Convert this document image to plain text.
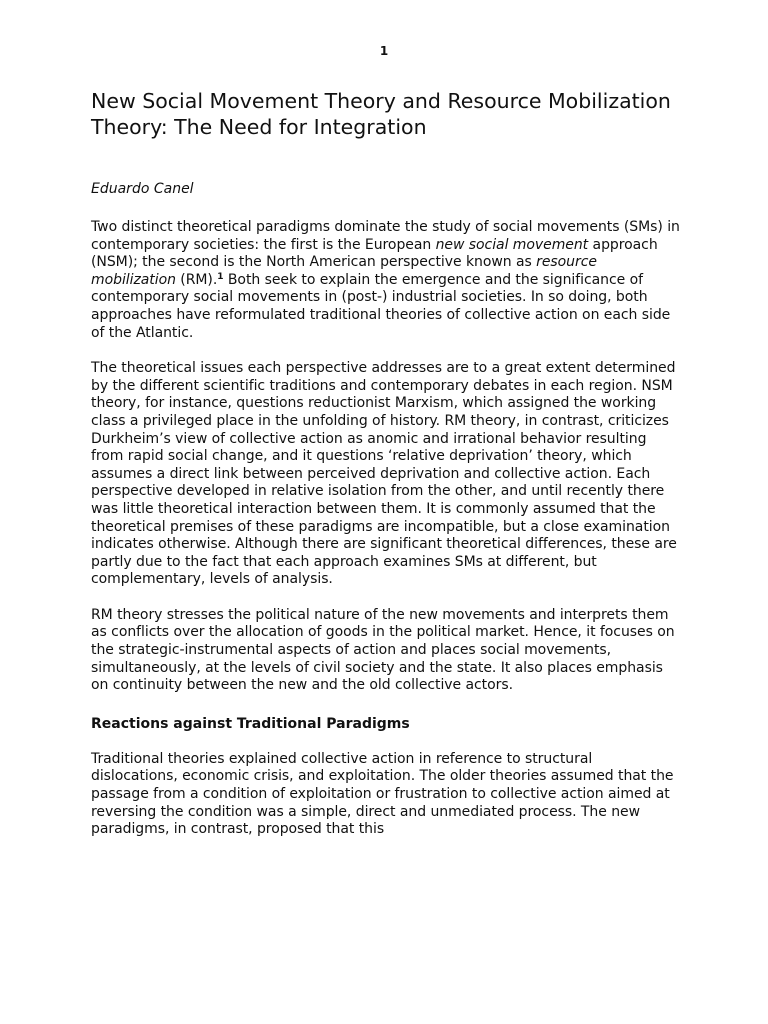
1
New Social Movement Theory and Resource Mobilization Theory: The Need for Integration
Eduardo Canel

Two distinct theoretical paradigms dominate the study of social movements (SMs) in contemporary societies: the first is the European new social movement approach (NSM); the second is the North American perspective known as resource mobilization (RM).$^1$ Both seek to explain the emergence and the significance of contemporary social movements in (post-) industrial societies. In so doing, both approaches have reformulated traditional theories of collective action on each side of the Atlantic.

The theoretical issues each perspective addresses are to a great extent determined by the different scientific traditions and contemporary debates in each region. NSM theory, for instance, questions reductionist Marxism, which assigned the working class a privileged place in the unfolding of history. RM theory, in contrast, criticizes Durkheim’s view of collective action as anomic and irrational behavior resulting from rapid social change, and it questions ‘relative deprivation’ theory, which assumes a direct link between perceived deprivation and collective action. Each perspective developed in relative isolation from the other, and until recently there was little theoretical interaction between them. It is commonly assumed that the theoretical premises of these paradigms are incompatible, but a close examination indicates otherwise. Although there are significant theoretical differences, these are partly due to the fact that each approach examines SMs at different, but complementary, levels of analysis.

RM theory stresses the political nature of the new movements and interprets them as conflicts over the allocation of goods in the political market. Hence, it focuses on the strategic-instrumental aspects of action and places social movements, simultaneously, at the levels of civil society and the state. It also places emphasis on continuity between the new and the old collective actors.

Reactions against Traditional Paradigms

Traditional theories explained collective action in reference to structural dislocations, economic crisis, and exploitation. The older theories assumed that the passage from a condition of exploitation or frustration to collective action aimed at reversing the condition was a simple, direct and unmediated process. The new paradigms, in contrast, proposed that this
